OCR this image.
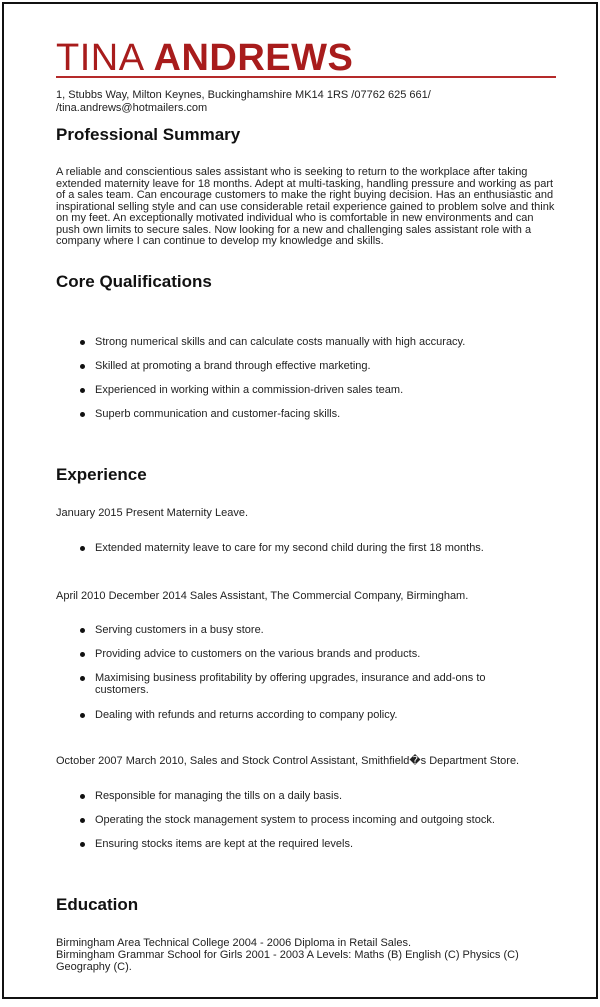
TINA ANDREWS
1, Stubbs Way, Milton Keynes, Buckinghamshire MK14 1RS /07762 625 661/ /tina.andrews@hotmailers.com
Professional Summary
A reliable and conscientious sales assistant who is seeking to return to the workplace after taking extended maternity leave for 18 months. Adept at multi-tasking, handling pressure and working as part of a sales team. Can encourage customers to make the right buying decision. Has an enthusiastic and inspirational selling style and can use considerable retail experience gained to problem solve and think on my feet. An exceptionally motivated individual who is comfortable in new environments and can push own limits to secure sales. Now looking for a new and challenging sales assistant role with a company where I can continue to develop my knowledge and skills.
Core Qualifications
Strong numerical skills and can calculate costs manually with high accuracy.
Skilled at promoting a brand through effective marketing.
Experienced in working within a commission-driven sales team.
Superb communication and customer-facing skills.
Experience
January 2015 Present Maternity Leave.
Extended maternity leave to care for my second child during the first 18 months.
April 2010 December 2014 Sales Assistant, The Commercial Company, Birmingham.
Serving customers in a busy store.
Providing advice to customers on the various brands and products.
Maximising business profitability by offering upgrades, insurance and add-ons to customers.
Dealing with refunds and returns according to company policy.
October 2007 March 2010, Sales and Stock Control Assistant, Smithfield�s Department Store.
Responsible for managing the tills on a daily basis.
Operating the stock management system to process incoming and outgoing stock.
Ensuring stocks items are kept at the required levels.
Education
Birmingham Area Technical College 2004 - 2006 Diploma in Retail Sales.
Birmingham Grammar School for Girls 2001 - 2003 A Levels: Maths (B) English (C) Physics (C) Geography (C).
